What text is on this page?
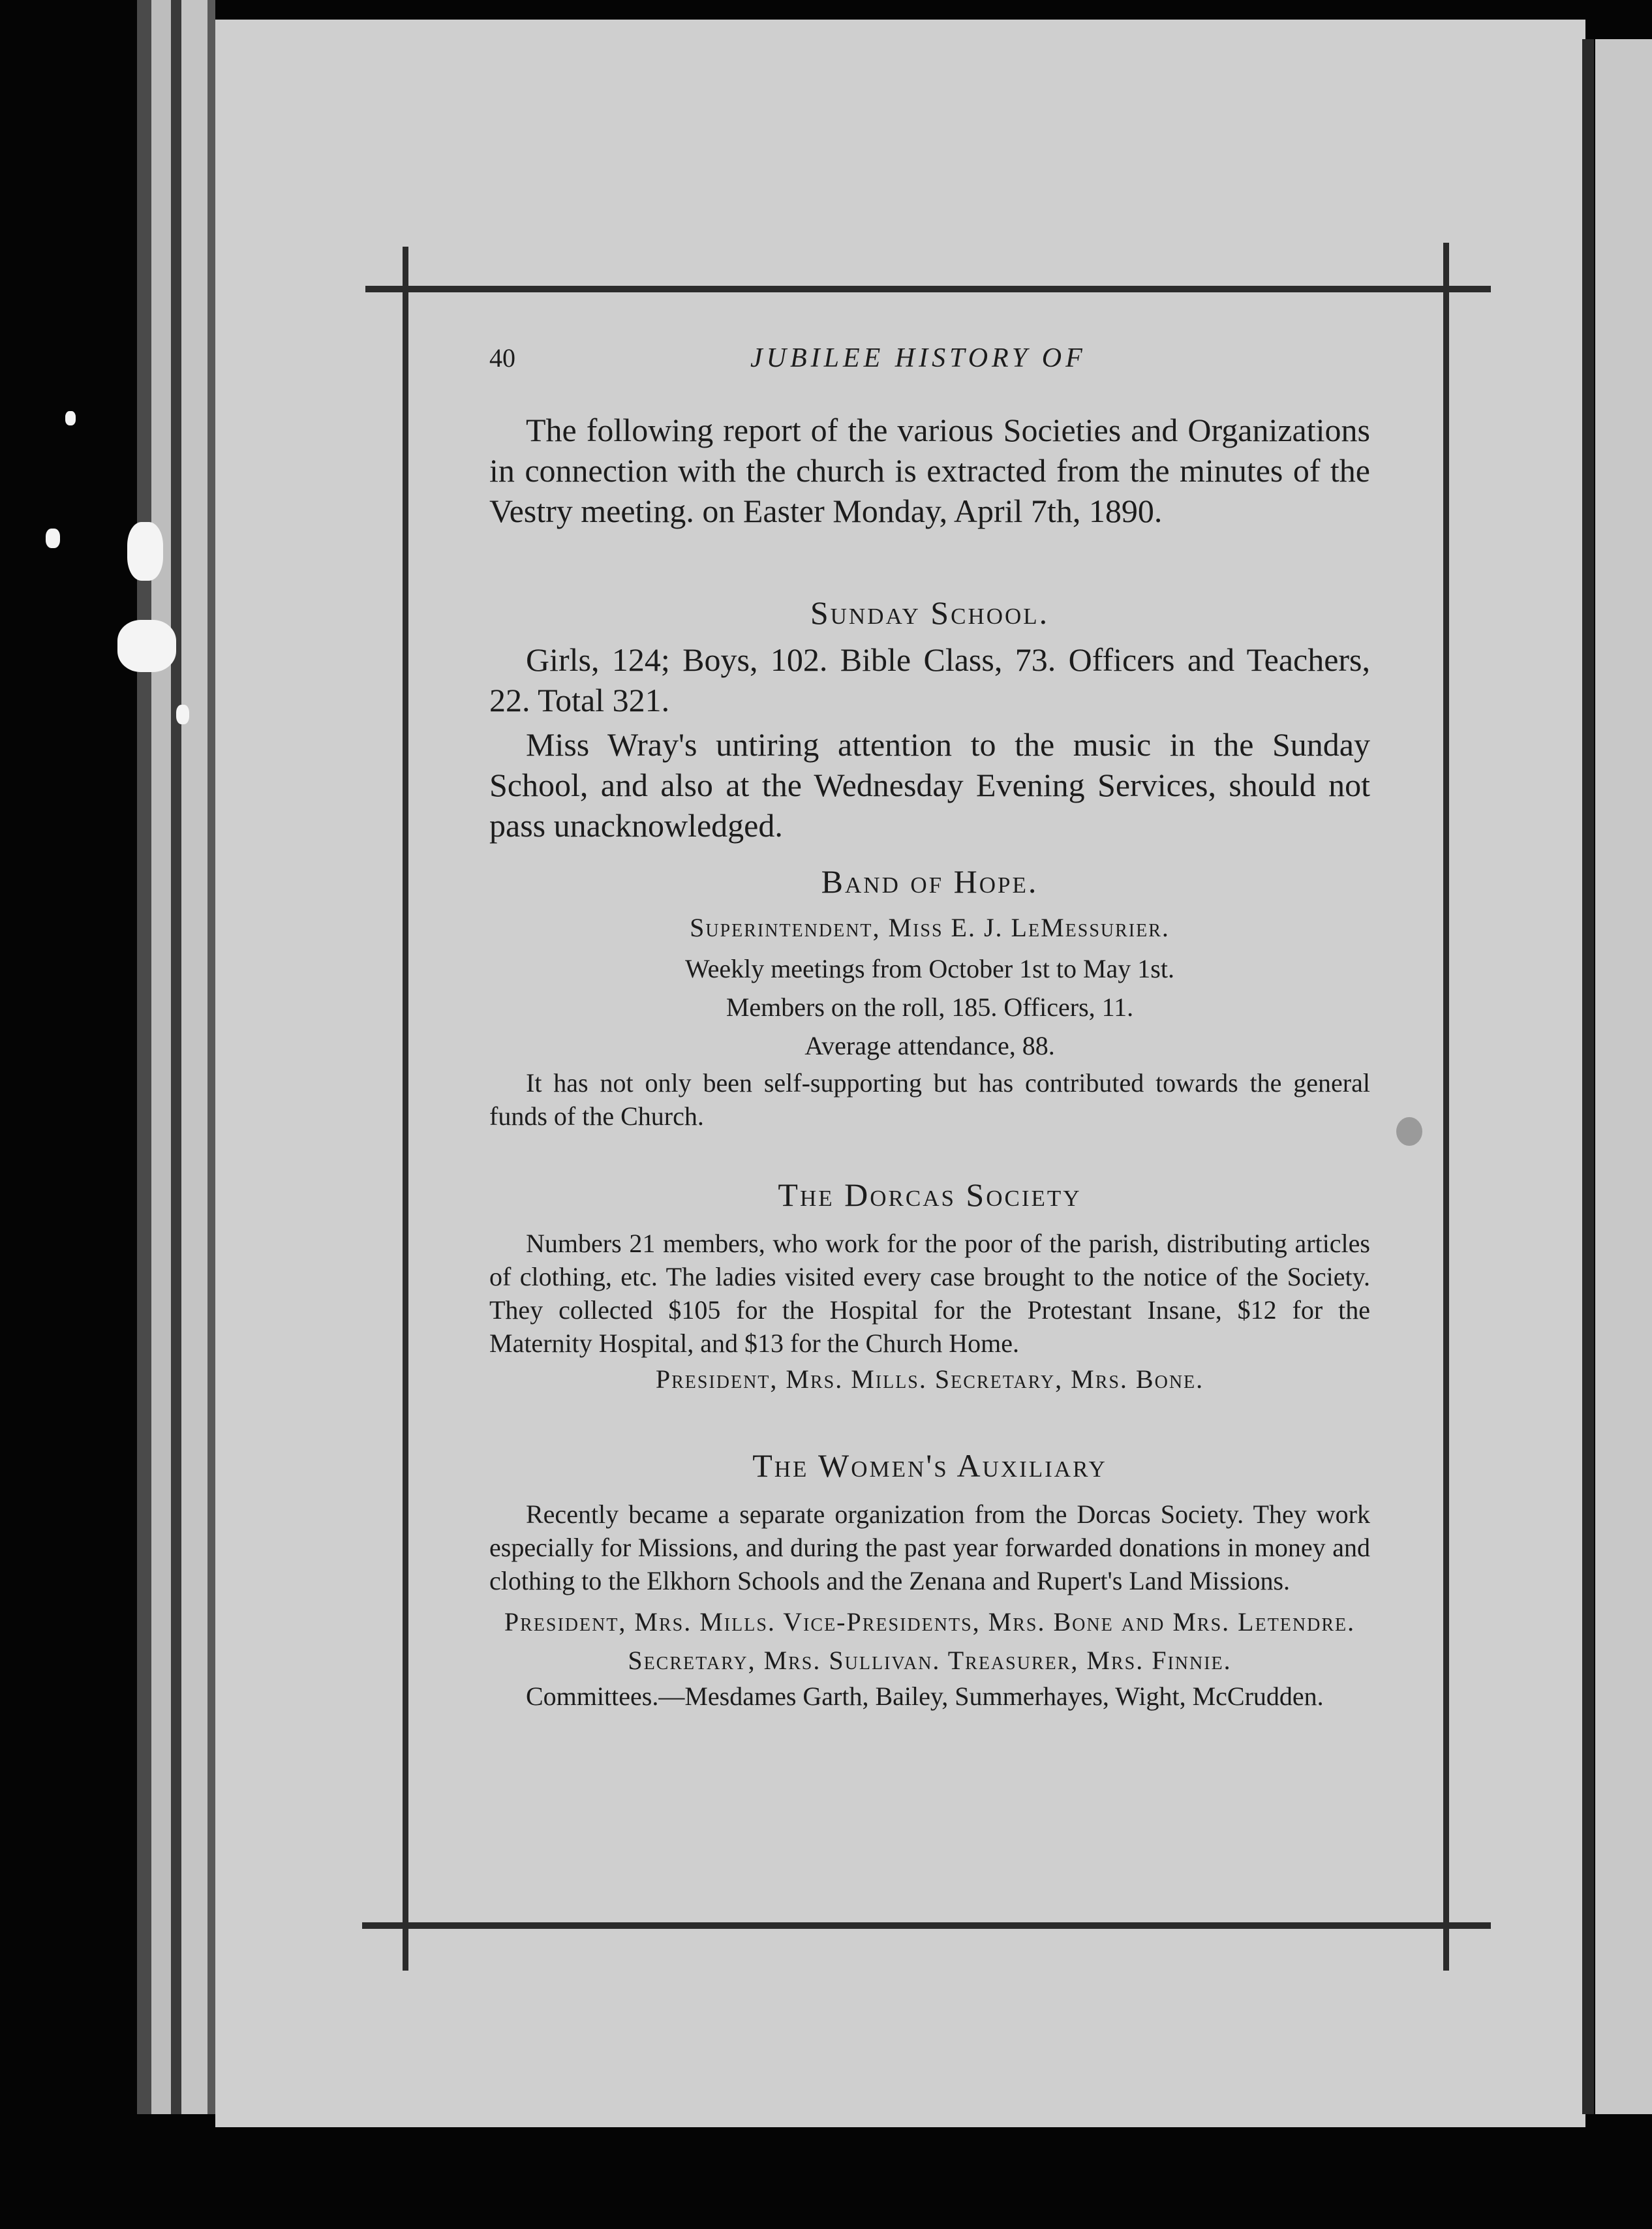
40	JUBILEE HISTORY OF

The following report of the various Societies and Organizations in connection with the church is extracted from the minutes of the Vestry meeting. on Easter Monday, April 7th, 1890.

Sunday School.

Girls, 124; Boys, 102. Bible Class, 73. Officers and Teachers, 22. Total 321.

Miss Wray's untiring attention to the music in the Sunday School, and also at the Wednesday Evening Services, should not pass unacknowledged.

Band of Hope.

Superintendent, Miss E. J. LeMessurier.

Weekly meetings from October 1st to May 1st.

Members on the roll, 185. Officers, 11.

Average attendance, 88.

It has not only been self-supporting but has contributed towards the general funds of the Church.

The Dorcas Society

Numbers 21 members, who work for the poor of the parish, distributing articles of clothing, etc. The ladies visited every case brought to the notice of the Society. They collected $105 for the Hospital for the Protestant Insane, $12 for the Maternity Hospital, and $13 for the Church Home.

President, Mrs. Mills. Secretary, Mrs. Bone.

The Women's Auxiliary

Recently became a separate organization from the Dorcas Society. They work especially for Missions, and during the past year forwarded donations in money and clothing to the Elkhorn Schools and the Zenana and Rupert's Land Missions.

President, Mrs. Mills. Vice-Presidents, Mrs. Bone and Mrs. Letendre.

Secretary, Mrs. Sullivan. Treasurer, Mrs. Finnie.

Committees.—Mesdames Garth, Bailey, Summerhayes, Wight, McCrudden.
